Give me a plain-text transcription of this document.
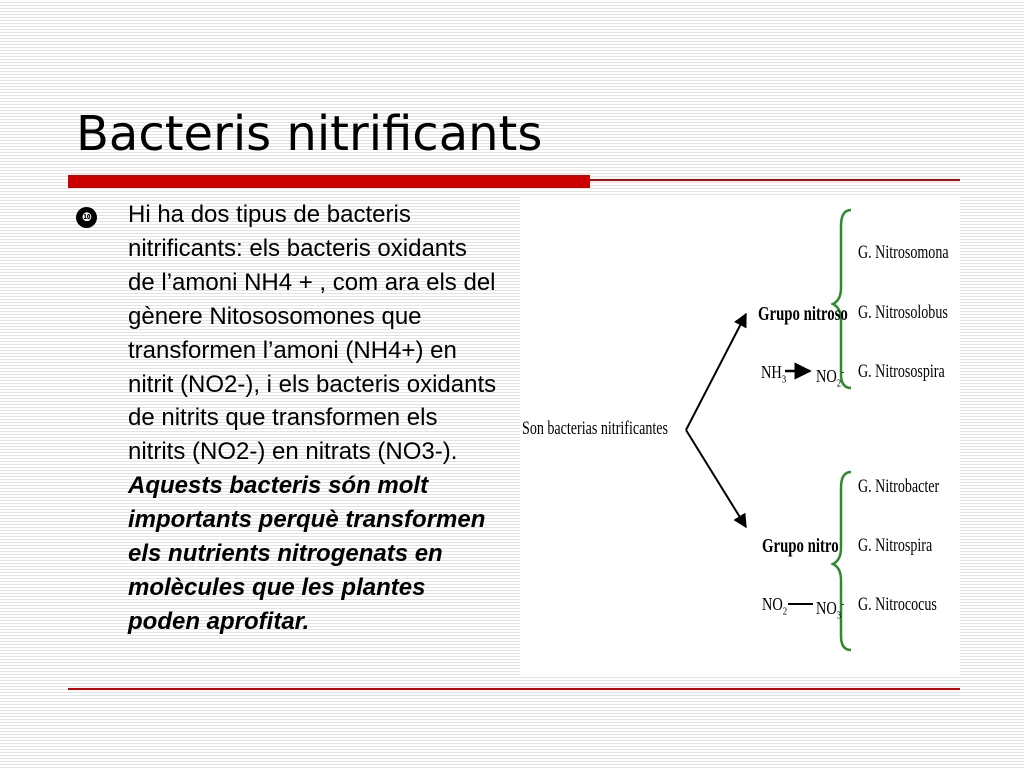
Bacteris nitrificants
❿ Hi ha dos tipus de bacteris nitrificants: els bacteris oxidants de l’amoni NH4 + , com ara els del gènere Nitososomones que transformen l’amoni (NH4+) en nitrit (NO2-), i els bacteris oxidants de nitrits que transformen els nitrits (NO2-) en nitrats (NO3-). Aquests bacteris són molt importants perquè transformen els nutrients nitrogenats en molècules que les plantes poden aprofitar.

Son bacterias nitrificantes
Grupo nitroso
$NH_3$ $NO_2^-$
G. Nitrosomona
G. Nitrosolobus
G. Nitrosospira
Grupo nitro
$NO_2$ $NO_3^-$
G. Nitrobacter
G. Nitrospira
G. Nitrococus
